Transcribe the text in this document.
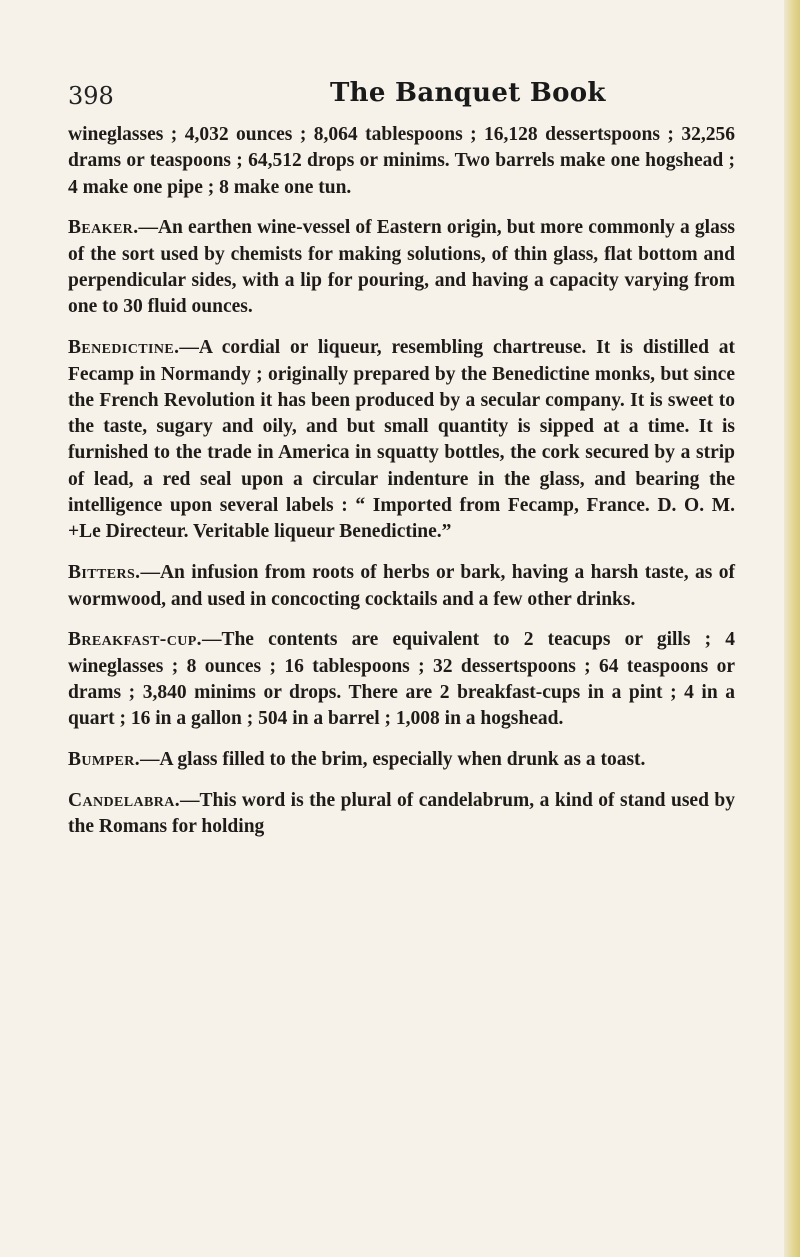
398	The Banquet Book

wineglasses ; 4,032 ounces ; 8,064 tablespoons ; 16,128 dessertspoons ; 32,256 drams or teaspoons ; 64,512 drops or minims. Two barrels make one hogshead ; 4 make one pipe ; 8 make one tun.

Beaker.—An earthen wine-vessel of Eastern origin, but more commonly a glass of the sort used by chemists for making solutions, of thin glass, flat bottom and perpendicular sides, with a lip for pouring, and having a capacity varying from one to 30 fluid ounces.

Benedictine.—A cordial or liqueur, resembling chartreuse. It is distilled at Fecamp in Normandy ; originally prepared by the Benedictine monks, but since the French Revolution it has been produced by a secular company. It is sweet to the taste, sugary and oily, and but small quantity is sipped at a time. It is furnished to the trade in America in squatty bottles, the cork secured by a strip of lead, a red seal upon a circular indenture in the glass, and bearing the intelligence upon several labels : “ Imported from Fecamp, France. D. O. M. +Le Directeur. Veritable liqueur Benedictine.”

Bitters.—An infusion from roots of herbs or bark, having a harsh taste, as of wormwood, and used in concocting cocktails and a few other drinks.

Breakfast-cup.—The contents are equivalent to 2 teacups or gills ; 4 wineglasses ; 8 ounces ; 16 tablespoons ; 32 dessertspoons ; 64 teaspoons or drams ; 3,840 minims or drops. There are 2 breakfast-cups in a pint ; 4 in a quart ; 16 in a gallon ; 504 in a barrel ; 1,008 in a hogshead.

Bumper.—A glass filled to the brim, especially when drunk as a toast.

Candelabra.—This word is the plural of candelabrum, a kind of stand used by the Romans for holding
